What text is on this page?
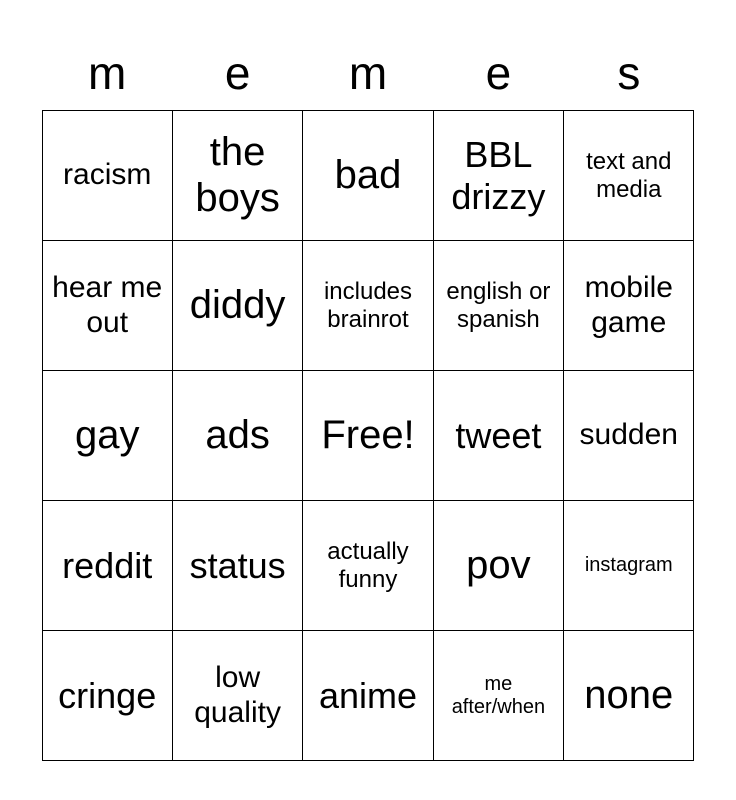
m	e	m	e	s
racism	the boys	bad	BBL drizzy	text and media

hear me out	diddy	includes brainrot	english or spanish	mobile game

gay	ads	Free!	tweet	sudden

reddit	status	actually funny	pov	instagram

cringe	low quality	anime	me after/when	none
